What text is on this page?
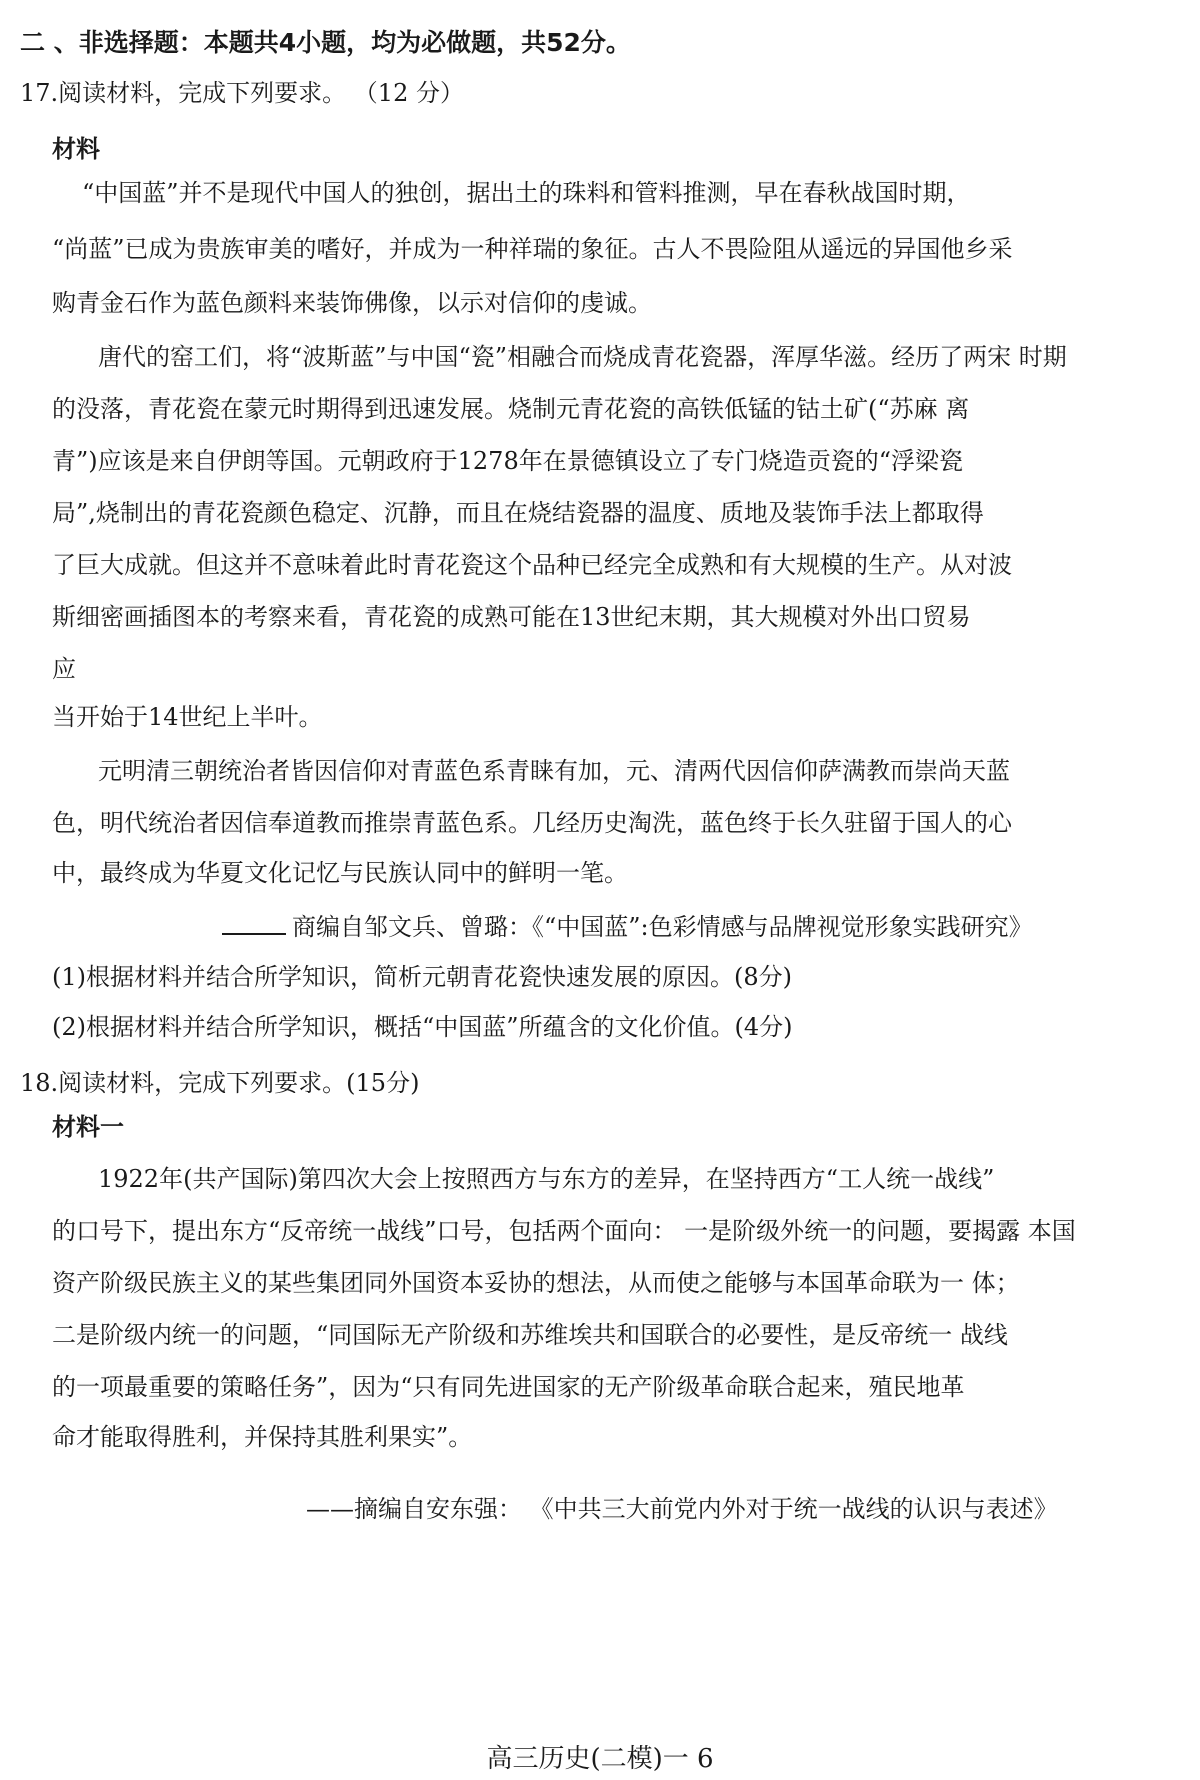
二 、非选择题：本题共4小题，均为必做题，共52分。
17.阅读材料，完成下列要求。 （12 分）
材料
“中国蓝”并不是现代中国人的独创，据出土的珠料和管料推测，早在春秋战国时期，
“尚蓝”已成为贵族审美的嗜好，并成为一种祥瑞的象征。古人不畏险阻从遥远的异国他乡采
购青金石作为蓝色颜料来装饰佛像，以示对信仰的虔诚。
唐代的窑工们，将“波斯蓝”与中国“瓷”相融合而烧成青花瓷器，浑厚华滋。经历了两宋 时期
的没落，青花瓷在蒙元时期得到迅速发展。烧制元青花瓷的高铁低锰的钴土矿(“苏麻 离
青”)应该是来自伊朗等国。元朝政府于1278年在景德镇设立了专门烧造贡瓷的“浮梁瓷
局”,烧制出的青花瓷颜色稳定、沉静，而且在烧结瓷器的温度、质地及装饰手法上都取得
了巨大成就。但这并不意味着此时青花瓷这个品种已经完全成熟和有大规模的生产。从对波
斯细密画插图本的考察来看，青花瓷的成熟可能在13世纪末期，其大规模对外出口贸易
应
当开始于14世纪上半叶。
元明清三朝统治者皆因信仰对青蓝色系青睐有加，元、清两代因信仰萨满教而崇尚天蓝
色，明代统治者因信奉道教而推崇青蓝色系。几经历史淘洗，蓝色终于长久驻留于国人的心
中，最终成为华夏文化记忆与民族认同中的鲜明一笔。
商编自邹文兵、曾璐：《“中国蓝”:色彩情感与品牌视觉形象实践研究》
(1)根据材料并结合所学知识，简析元朝青花瓷快速发展的原因。(8分)
(2)根据材料并结合所学知识，概括“中国蓝”所蕴含的文化价值。(4分)
18.阅读材料，完成下列要求。(15分)
材料一
1922年(共产国际)第四次大会上按照西方与东方的差异，在坚持西方“工人统一战线”
的口号下，提出东方“反帝统一战线”口号，包括两个面向： 一是阶级外统一的问题，要揭露 本国
资产阶级民族主义的某些集团同外国资本妥协的想法，从而使之能够与本国革命联为一 体；
二是阶级内统一的问题，“同国际无产阶级和苏维埃共和国联合的必要性，是反帝统一 战线
的一项最重要的策略任务”，因为“只有同先进国家的无产阶级革命联合起来，殖民地革
命才能取得胜利，并保持其胜利果实”。
——摘编自安东强： 《中共三大前党内外对于统一战线的认识与表述》
高三历史(二模)一 6
